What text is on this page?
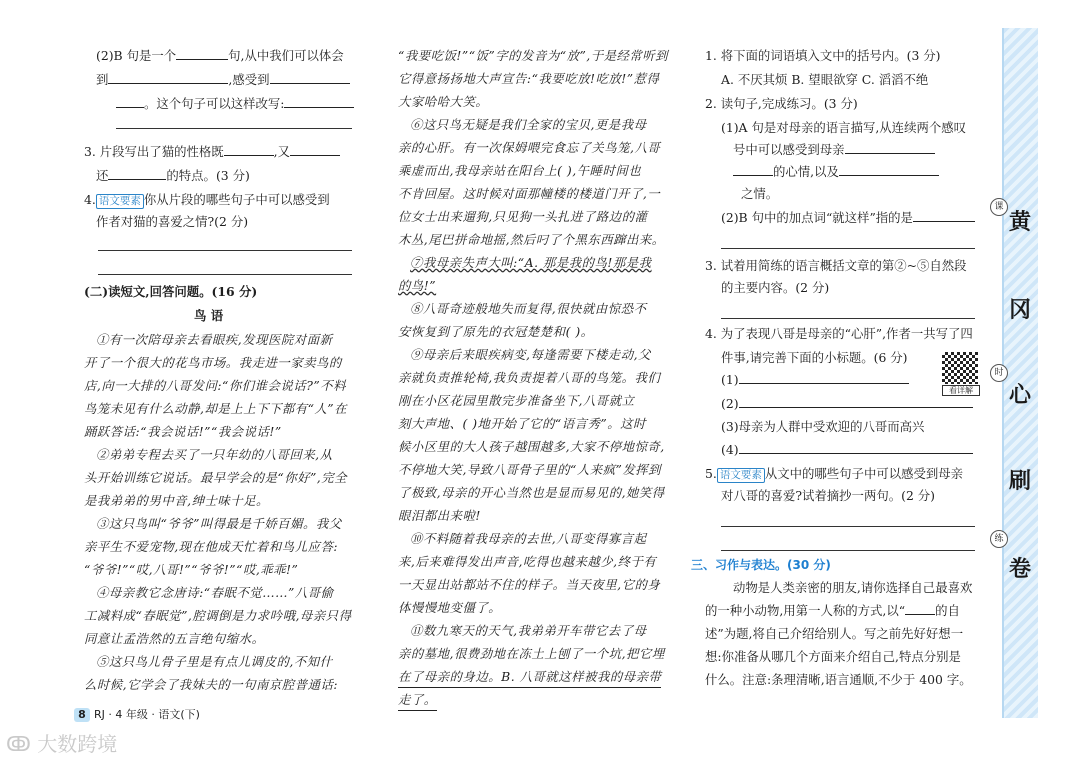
(2)B 句是一个	句,从中我们可以体会
到	,感受到
。这个句子可以这样改写:
3. 片段写出了猫的性格既	,又
还	的特点。(3 分)
4. 语文要素 你从片段的哪些句子中可以感受到
作者对猫的喜爱之情?(2 分)
(二)读短文,回答问题。(16 分)
鸟 语
①有一次陪母亲去看眼疾,发现医院对面新
开了一个很大的花鸟市场。我走进一家卖鸟的
店,向一大排的八哥发问:“你们谁会说话?”不料
鸟笼未见有什么动静,却是上上下下都有“人”在
踊跃答话:“我会说话!”“我会说话!”
②弟弟专程去买了一只年幼的八哥回来,从
头开始训练它说话。最早学会的是“你好”,完全
是我弟弟的男中音,绅士味十足。
③这只鸟叫“爷爷”叫得最是千娇百媚。我父
亲平生不爱宠物,现在他成天忙着和鸟儿应答:
“爷爷!”“哎,八哥!”“爷爷!”“哎,乖乖!”
④母亲教它念唐诗:“春眠不觉……”八哥偷
工减料成“春眠觉”,腔调倒是力求吟哦,母亲只得
同意让孟浩然的五言绝句缩水。
⑤这只鸟儿骨子里是有点儿调皮的,不知什
么时候,它学会了我妹夫的一句南京腔普通话:
8 RJ · 4 年级 · 语文(下)
“我要吃饭!”“饭”字的发音为“放”,于是经常听到
它得意扬扬地大声宣告:“我要吃放!吃放!”惹得
大家哈哈大笑。
⑥这只鸟无疑是我们全家的宝贝,更是我母
亲的心肝。有一次保姆喂完食忘了关鸟笼,八哥
乘虚而出,我母亲站在阳台上( ),午睡时间也
不肯回屋。这时候对面那幢楼的楼道门开了,一
位女士出来遛狗,只见狗一头扎进了路边的灌
木丛,尾巴拼命地摇,然后叼了个黑东西蹿出来。
⑦我母亲失声大叫:“A. 那是我的鸟!那是我
的鸟!”
⑧八哥奇迹般地失而复得,很快就由惊恐不
安恢复到了原先的衣冠楚楚和( )。
⑨母亲后来眼疾病变,每逢需要下楼走动,父
亲就负责推轮椅,我负责提着八哥的鸟笼。我们
刚在小区花园里散完步准备坐下,八哥就立
刻大声地、( )地开始了它的“语言秀”。这时
候小区里的大人孩子越围越多,大家不停地惊奇,
不停地大笑,导致八哥骨子里的“人来疯”发挥到
了极致,母亲的开心当然也是显而易见的,她笑得
眼泪都出来啦!
⑩不料随着我母亲的去世,八哥变得寡言起
来,后来难得发出声音,吃得也越来越少,终于有
一天显出站都站不住的样子。当天夜里,它的身
体慢慢地变僵了。
⑪数九寒天的天气,我弟弟开车带它去了母
亲的墓地,很费劲地在冻土上刨了一个坑,把它埋
在了母亲的身边。B. 八哥就这样被我的母亲带
走了。
1. 将下面的词语填入文中的括号内。(3 分)
A. 不厌其烦 B. 望眼欲穿 C. 滔滔不绝
2. 读句子,完成练习。(3 分)
(1)A 句是对母亲的语言描写,从连续两个感叹
号中可以感受到母亲
的心情,以及
之情。
(2)B 句中的加点词“就这样”指的是
3. 试着用简练的语言概括文章的第②~⑤自然段
的主要内容。(2 分)
4. 为了表现八哥是母亲的“心肝”,作者一共写了四
件事,请完善下面的小标题。(6 分)
(1)
(2)
(3)母亲为人群中受欢迎的八哥而高兴
(4)
5. 语文要素 从文中的哪些句子中可以感受到母亲
对八哥的喜爱?试着摘抄一两句。(2 分)
三、习作与表达。(30 分)
动物是人类亲密的朋友,请你选择自己最喜欢
的一种小动物,用第一人称的方式,以“ 的自
述”为题,将自己介绍给别人。写之前先好好想一
想:你准备从哪几个方面来介绍自己,特点分别是
什么。注意:条理清晰,语言通顺,不少于 400 字。
看详解
黄
冈
心
刷
卷
课
时
练
ↂ 大数跨境
